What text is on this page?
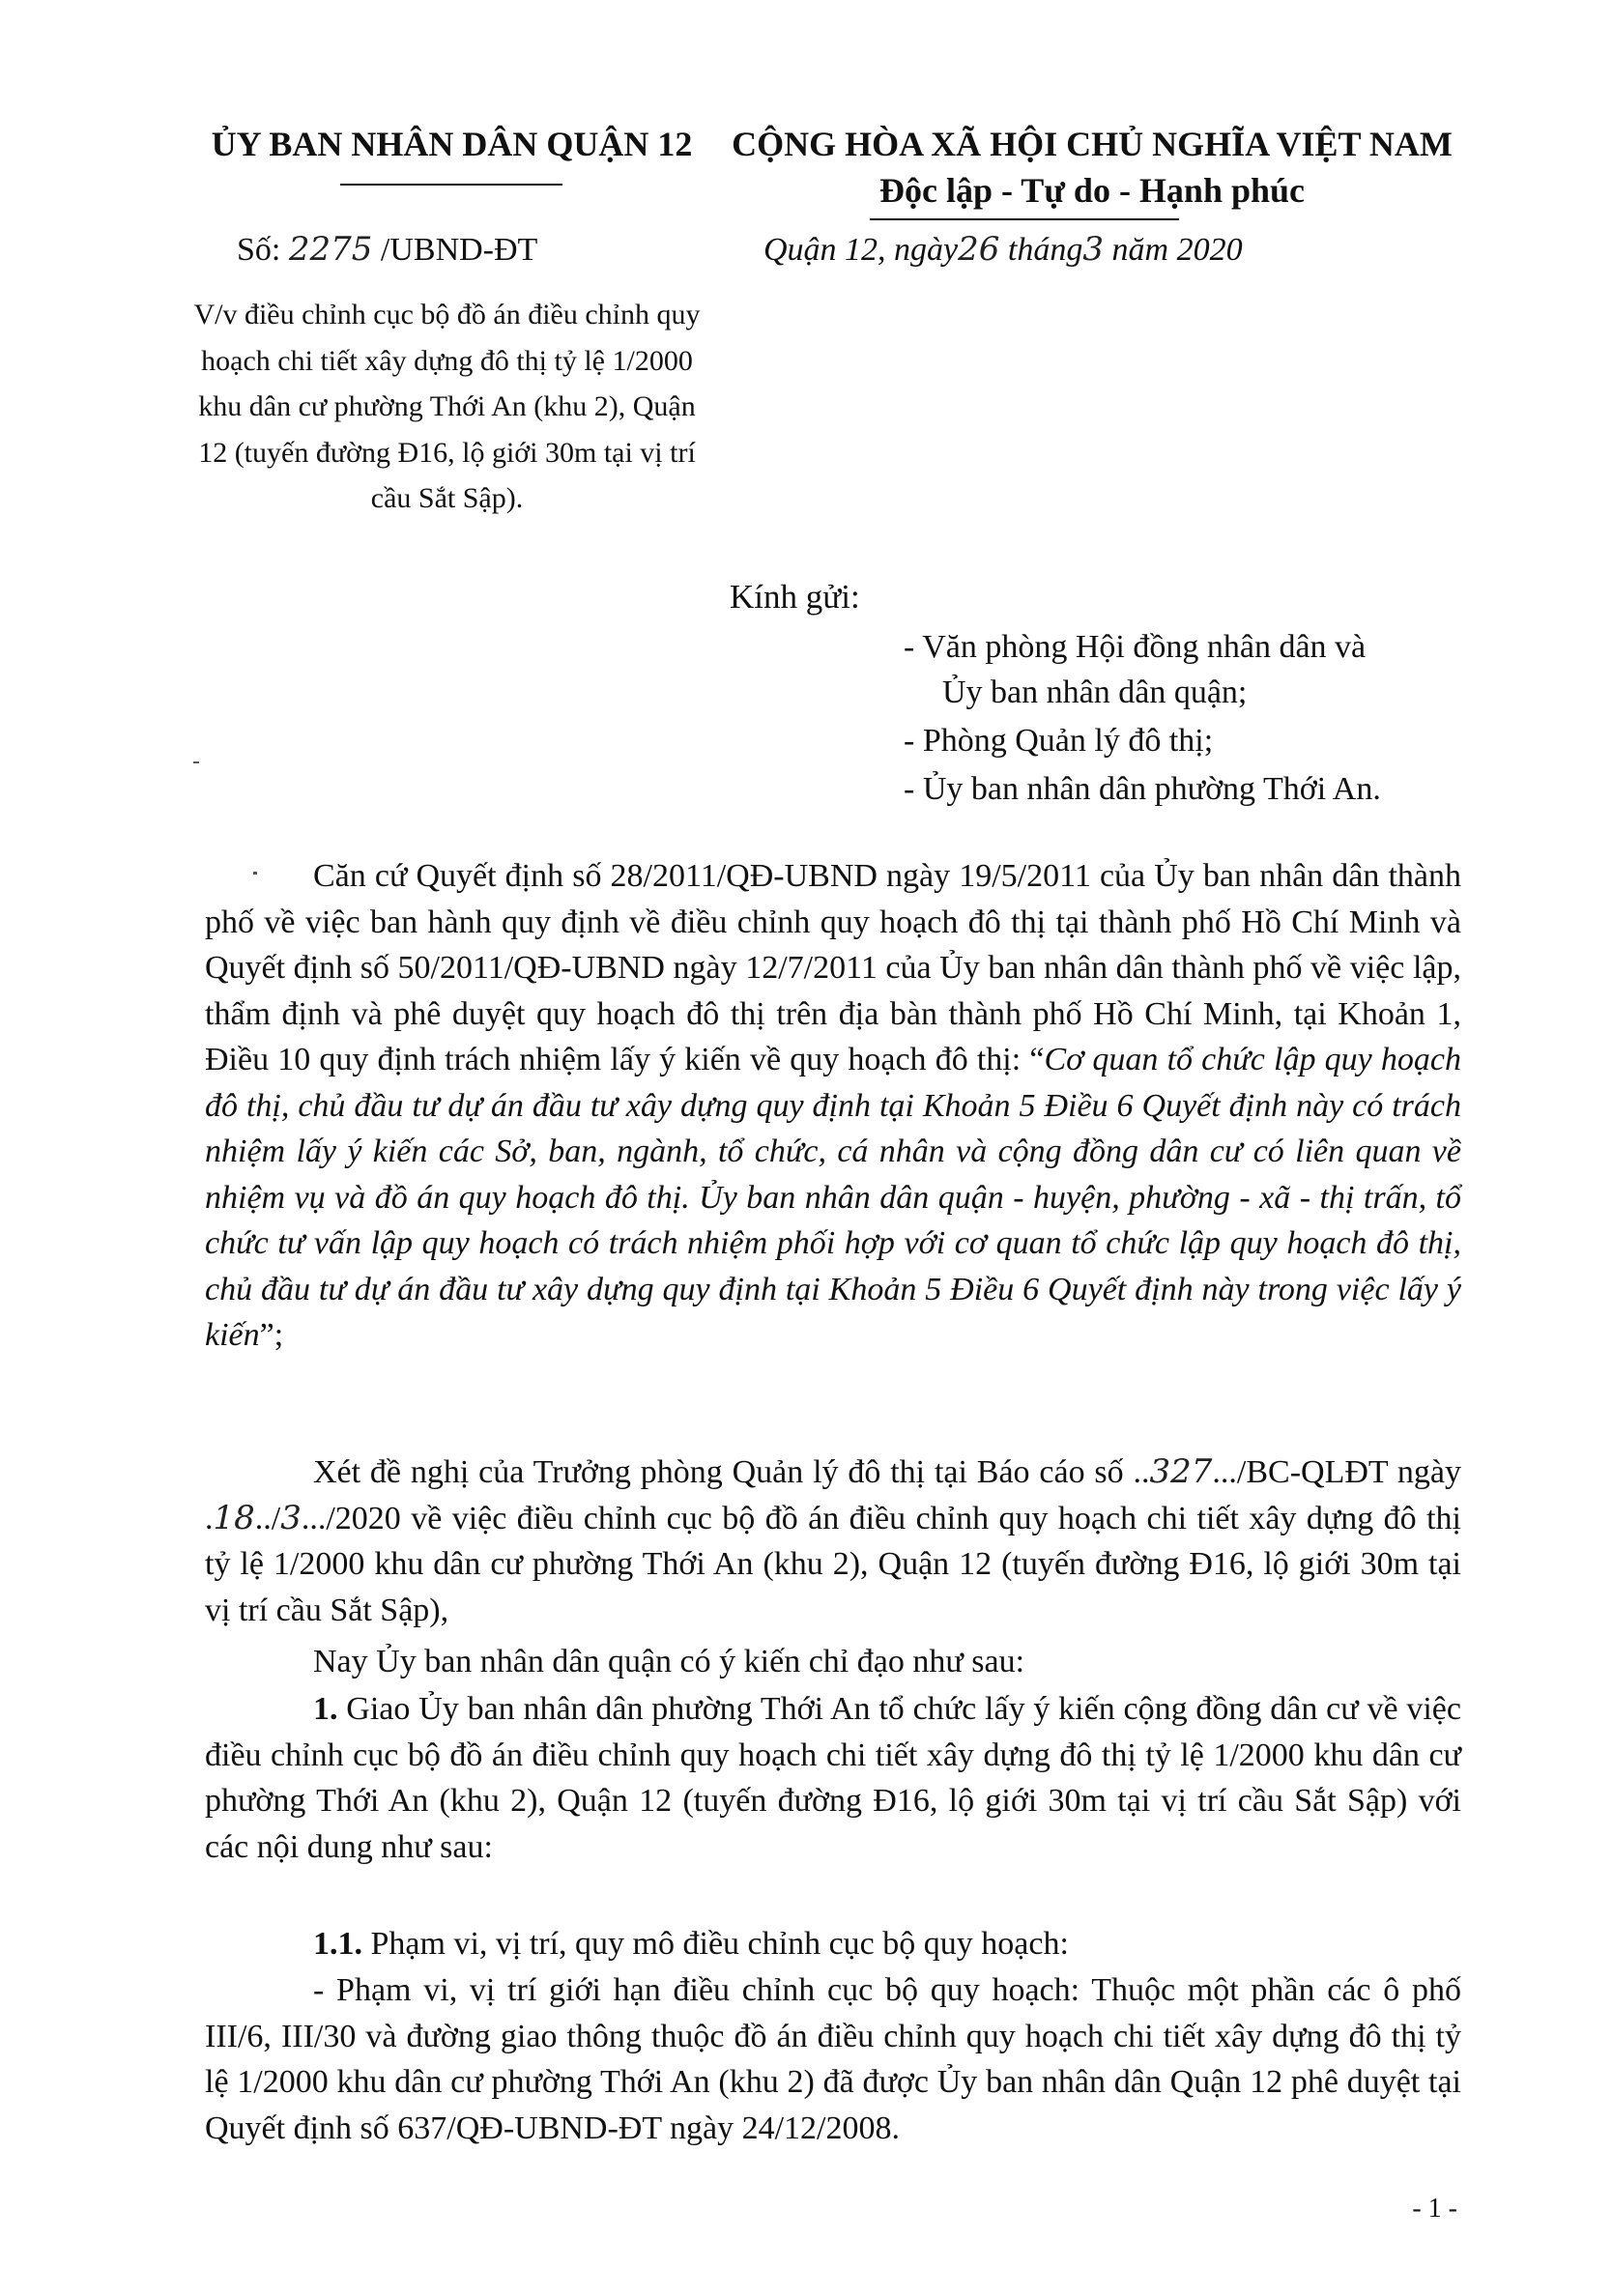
ỦY BAN NHÂN DÂN QUẬN 12	CỘNG HÒA XÃ HỘI CHỦ NGHĨA VIỆT NAM
Độc lập - Tự do - Hạnh phúc
Số: 2275 /UBND-ĐT	Quận 12, ngày26 tháng3 năm 2020
V/v điều chỉnh cục bộ đồ án điều chỉnh quy hoạch chi tiết xây dựng đô thị tỷ lệ 1/2000 khu dân cư phường Thới An (khu 2), Quận 12 (tuyến đường Đ16, lộ giới 30m tại vị trí cầu Sắt Sập).
Kính gửi:
- Văn phòng Hội đồng nhân dân và
Ủy ban nhân dân quận;
- Phòng Quản lý đô thị;
- Ủy ban nhân dân phường Thới An.
Căn cứ Quyết định số 28/2011/QĐ-UBND ngày 19/5/2011 của Ủy ban nhân dân thành phố về việc ban hành quy định về điều chỉnh quy hoạch đô thị tại thành phố Hồ Chí Minh và Quyết định số 50/2011/QĐ-UBND ngày 12/7/2011 của Ủy ban nhân dân thành phố về việc lập, thẩm định và phê duyệt quy hoạch đô thị trên địa bàn thành phố Hồ Chí Minh, tại Khoản 1, Điều 10 quy định trách nhiệm lấy ý kiến về quy hoạch đô thị: “Cơ quan tổ chức lập quy hoạch đô thị, chủ đầu tư dự án đầu tư xây dựng quy định tại Khoản 5 Điều 6 Quyết định này có trách nhiệm lấy ý kiến các Sở, ban, ngành, tổ chức, cá nhân và cộng đồng dân cư có liên quan về nhiệm vụ và đồ án quy hoạch đô thị. Ủy ban nhân dân quận - huyện, phường - xã - thị trấn, tổ chức tư vấn lập quy hoạch có trách nhiệm phối hợp với cơ quan tổ chức lập quy hoạch đô thị, chủ đầu tư dự án đầu tư xây dựng quy định tại Khoản 5 Điều 6 Quyết định này trong việc lấy ý kiến”;
Xét đề nghị của Trưởng phòng Quản lý đô thị tại Báo cáo số ..327.../BC-QLĐT ngày .18../3.../2020 về việc điều chỉnh cục bộ đồ án điều chỉnh quy hoạch chi tiết xây dựng đô thị tỷ lệ 1/2000 khu dân cư phường Thới An (khu 2), Quận 12 (tuyến đường Đ16, lộ giới 30m tại vị trí cầu Sắt Sập),
Nay Ủy ban nhân dân quận có ý kiến chỉ đạo như sau:
1. Giao Ủy ban nhân dân phường Thới An tổ chức lấy ý kiến cộng đồng dân cư về việc điều chỉnh cục bộ đồ án điều chỉnh quy hoạch chi tiết xây dựng đô thị tỷ lệ 1/2000 khu dân cư phường Thới An (khu 2), Quận 12 (tuyến đường Đ16, lộ giới 30m tại vị trí cầu Sắt Sập) với các nội dung như sau:
1.1. Phạm vi, vị trí, quy mô điều chỉnh cục bộ quy hoạch:
- Phạm vi, vị trí giới hạn điều chỉnh cục bộ quy hoạch: Thuộc một phần các ô phố III/6, III/30 và đường giao thông thuộc đồ án điều chỉnh quy hoạch chi tiết xây dựng đô thị tỷ lệ 1/2000 khu dân cư phường Thới An (khu 2) đã được Ủy ban nhân dân Quận 12 phê duyệt tại Quyết định số 637/QĐ-UBND-ĐT ngày 24/12/2008.
- 1 -
